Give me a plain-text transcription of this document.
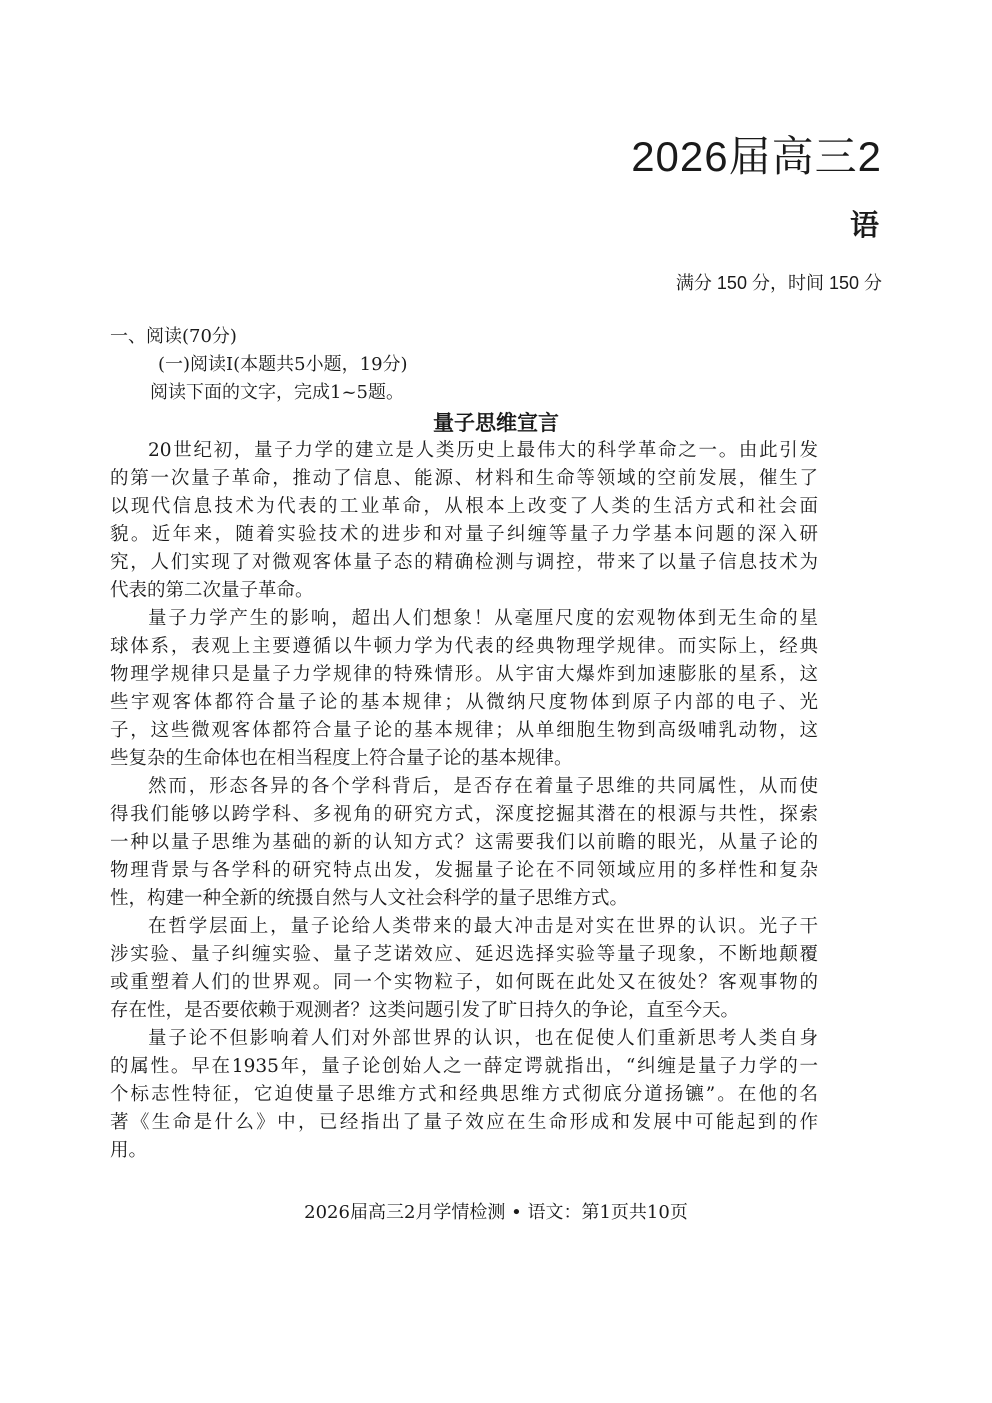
2026届高三2
语
满分 150 分，时间 150 分
一、阅读(70分)
(一)阅读Ⅰ(本题共5小题，19分)
阅读下面的文字，完成1~5题。
量子思维宣言
20世纪初，量子力学的建立是人类历史上最伟大的科学革命之一。由此引发
的第一次量子革命，推动了信息、能源、材料和生命等领域的空前发展，催生了
以现代信息技术为代表的工业革命，从根本上改变了人类的生活方式和社会面
貌。近年来，随着实验技术的进步和对量子纠缠等量子力学基本问题的深入研
究，人们实现了对微观客体量子态的精确检测与调控，带来了以量子信息技术为
代表的第二次量子革命。
量子力学产生的影响，超出人们想象！从毫厘尺度的宏观物体到无生命的星
球体系，表观上主要遵循以牛顿力学为代表的经典物理学规律。而实际上，经典
物理学规律只是量子力学规律的特殊情形。从宇宙大爆炸到加速膨胀的星系，这
些宇观客体都符合量子论的基本规律；从微纳尺度物体到原子内部的电子、光
子，这些微观客体都符合量子论的基本规律；从单细胞生物到高级哺乳动物，这
些复杂的生命体也在相当程度上符合量子论的基本规律。
然而，形态各异的各个学科背后，是否存在着量子思维的共同属性，从而使
得我们能够以跨学科、多视角的研究方式，深度挖掘其潜在的根源与共性，探索
一种以量子思维为基础的新的认知方式？这需要我们以前瞻的眼光，从量子论的
物理背景与各学科的研究特点出发，发掘量子论在不同领域应用的多样性和复杂
性，构建一种全新的统摄自然与人文社会科学的量子思维方式。
在哲学层面上，量子论给人类带来的最大冲击是对实在世界的认识。光子干
涉实验、量子纠缠实验、量子芝诺效应、延迟选择实验等量子现象，不断地颠覆
或重塑着人们的世界观。同一个实物粒子，如何既在此处又在彼处？客观事物的
存在性，是否要依赖于观测者？这类问题引发了旷日持久的争论，直至今天。
量子论不但影响着人们对外部世界的认识，也在促使人们重新思考人类自身
的属性。早在1935年，量子论创始人之一薛定谔就指出，“纠缠是量子力学的一
个标志性特征，它迫使量子思维方式和经典思维方式彻底分道扬镳”。在他的名
著《生命是什么》中，已经指出了量子效应在生命形成和发展中可能起到的作
用。
2026届高三2月学情检测 • 语文：第1页共10页
